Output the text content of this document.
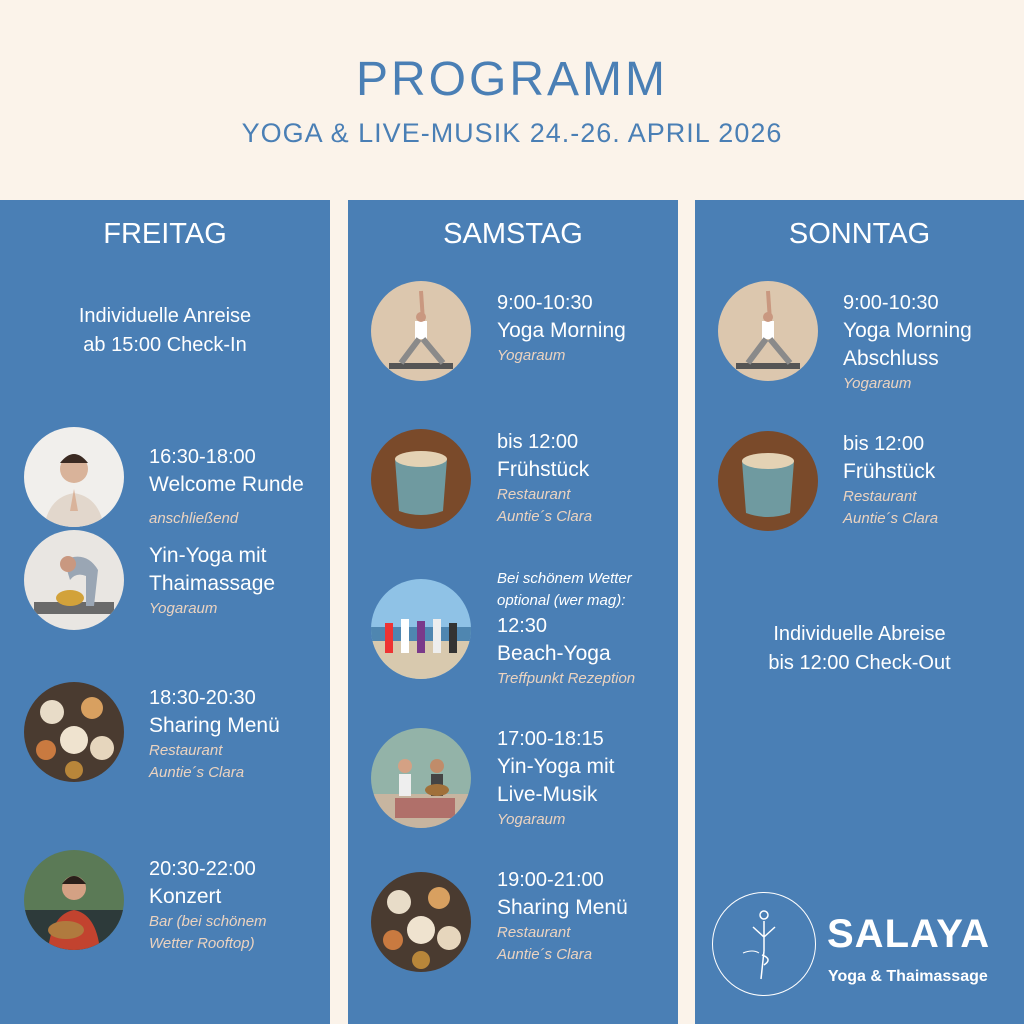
PROGRAMM
YOGA & LIVE-MUSIK 24.-26. APRIL 2026
FREITAG
Individuelle Anreise
ab 15:00 Check-In
16:30-18:00
Welcome Runde
anschließend
Yin-Yoga mit
Thaimassage
Yogaraum
18:30-20:30
Sharing Menü
Restaurant
Auntie´s Clara
20:30-22:00
Konzert
Bar (bei schönem
Wetter Rooftop)
SAMSTAG
9:00-10:30
Yoga Morning
Yogaraum
bis 12:00
Frühstück
Restaurant
Auntie´s Clara
Bei schönem Wetter
optional (wer mag):
12:30
Beach-Yoga
Treffpunkt Rezeption
17:00-18:15
Yin-Yoga mit
Live-Musik
Yogaraum
19:00-21:00
Sharing Menü
Restaurant
Auntie´s Clara
SONNTAG
9:00-10:30
Yoga Morning
Abschluss
Yogaraum
bis 12:00
Frühstück
Restaurant
Auntie´s Clara
Individuelle Abreise
bis 12:00 Check-Out
SALAYA
Yoga & Thaimassage
